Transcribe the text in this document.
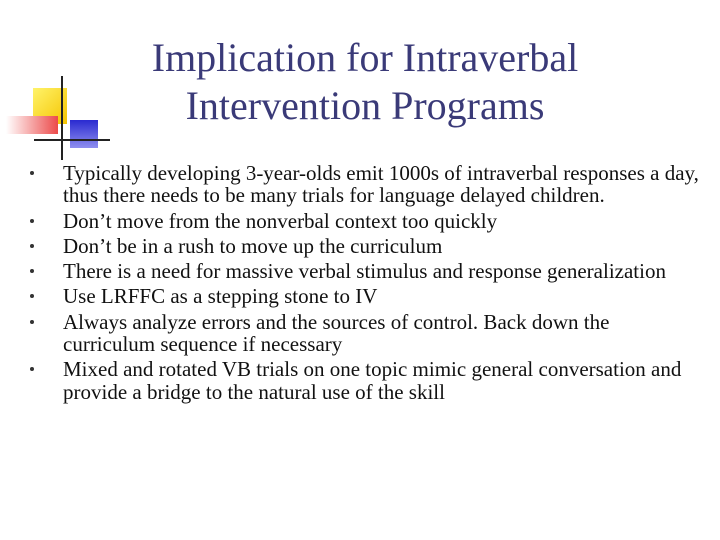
Implication for Intraverbal
Intervention Programs
Typically developing 3-year-olds emit 1000s of intraverbal responses a day, thus there needs to be many trials for language delayed children.
Don’t move from the nonverbal context too quickly
Don’t be in a rush to move up the curriculum
There is a need for massive verbal stimulus and response generalization
Use LRFFC as a stepping stone to IV
Always analyze errors and the sources of control. Back down the curriculum sequence if necessary
Mixed and rotated VB trials on one topic mimic general conversation and provide a bridge to the natural use of the skill
